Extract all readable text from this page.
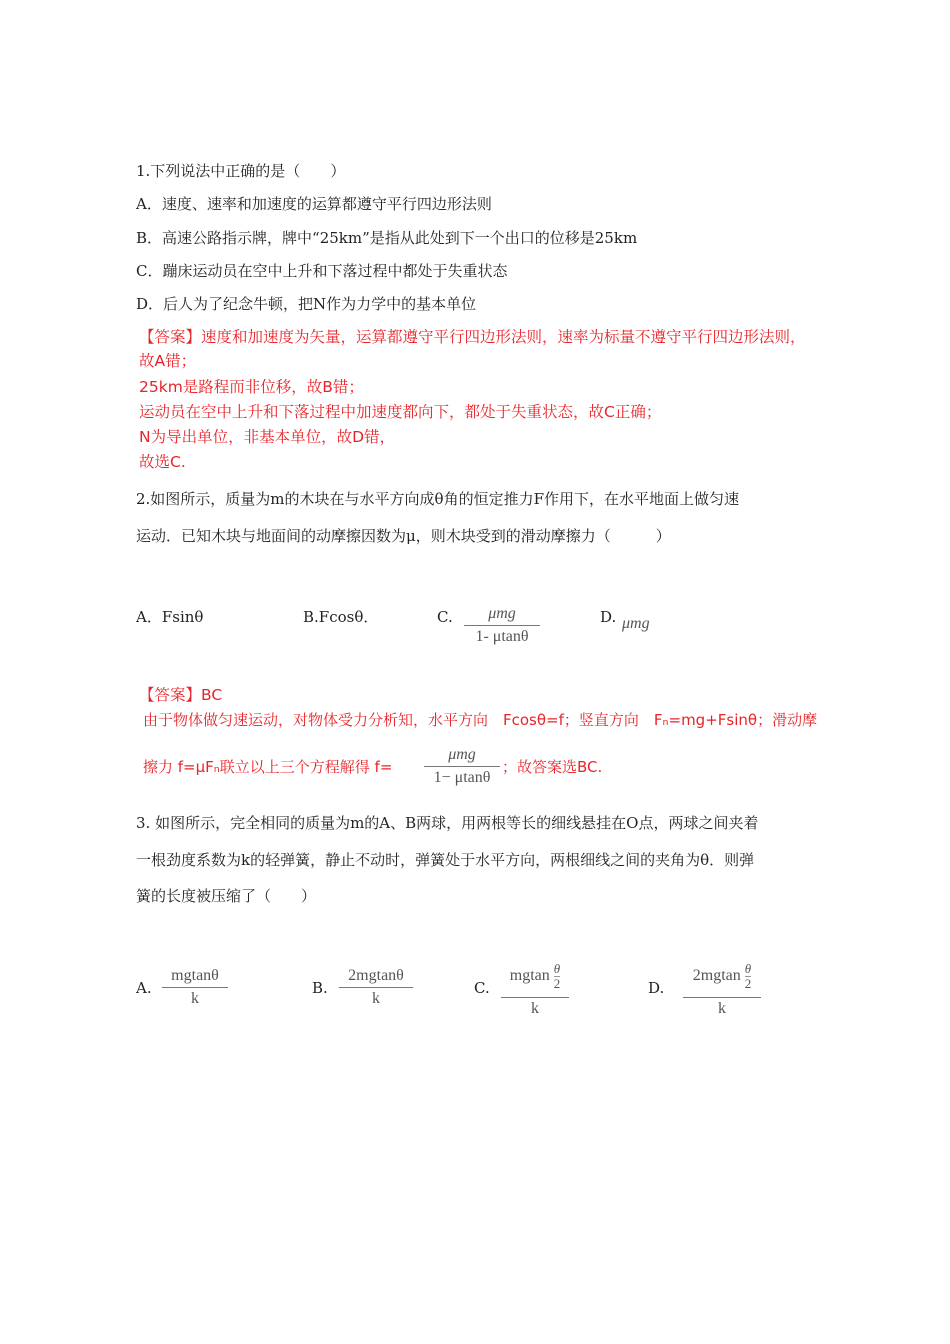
1.下列说法中正确的是（　　）
A．速度、速率和加速度的运算都遵守平行四边形法则
B．高速公路指示牌，牌中“25km”是指从此处到下一个出口的位移是25km
C．蹦床运动员在空中上升和下落过程中都处于失重状态
D．后人为了纪念牛顿，把N作为力学中的基本单位
【答案】速度和加速度为矢量，运算都遵守平行四边形法则，速率为标量不遵守平行四边形法则，
故A错；
25km是路程而非位移，故B错；
运动员在空中上升和下落过程中加速度都向下，都处于失重状态，故C正确；
N为导出单位，非基本单位，故D错，
故选C.
2.如图所示，质量为m的木块在与水平方向成θ角的恒定推力F作用下，在水平地面上做匀速
运动．已知木块与地面间的动摩擦因数为μ，则木块受到的滑动摩擦力（　　　）
A．Fsinθ	B.Fcosθ．	C.	μmg
1- μtanθ
D. μmg
【答案】BC
由于物体做匀速运动，对物体受力分析知，水平方向　Fcosθ=f；竖直方向　Fₙ=mg+Fsinθ；滑动摩
擦力 f=μFₙ联立以上三个方程解得 f=
μmg
1− μtanθ
；故答案选BC.
3. 如图所示，完全相同的质量为m的A、B两球，用两根等长的细线悬挂在O点，两球之间夹着
一根劲度系数为k的轻弹簧，静止不动时，弹簧处于水平方向，两根细线之间的夹角为θ．则弹
簧的长度被压缩了（　　）
A.
mgtanθ
k
B.
2mgtanθ
k
C.
mgtan $\frac{\theta}{2}$
k
D.
$2mgtan \frac{\theta}{2}$
k
